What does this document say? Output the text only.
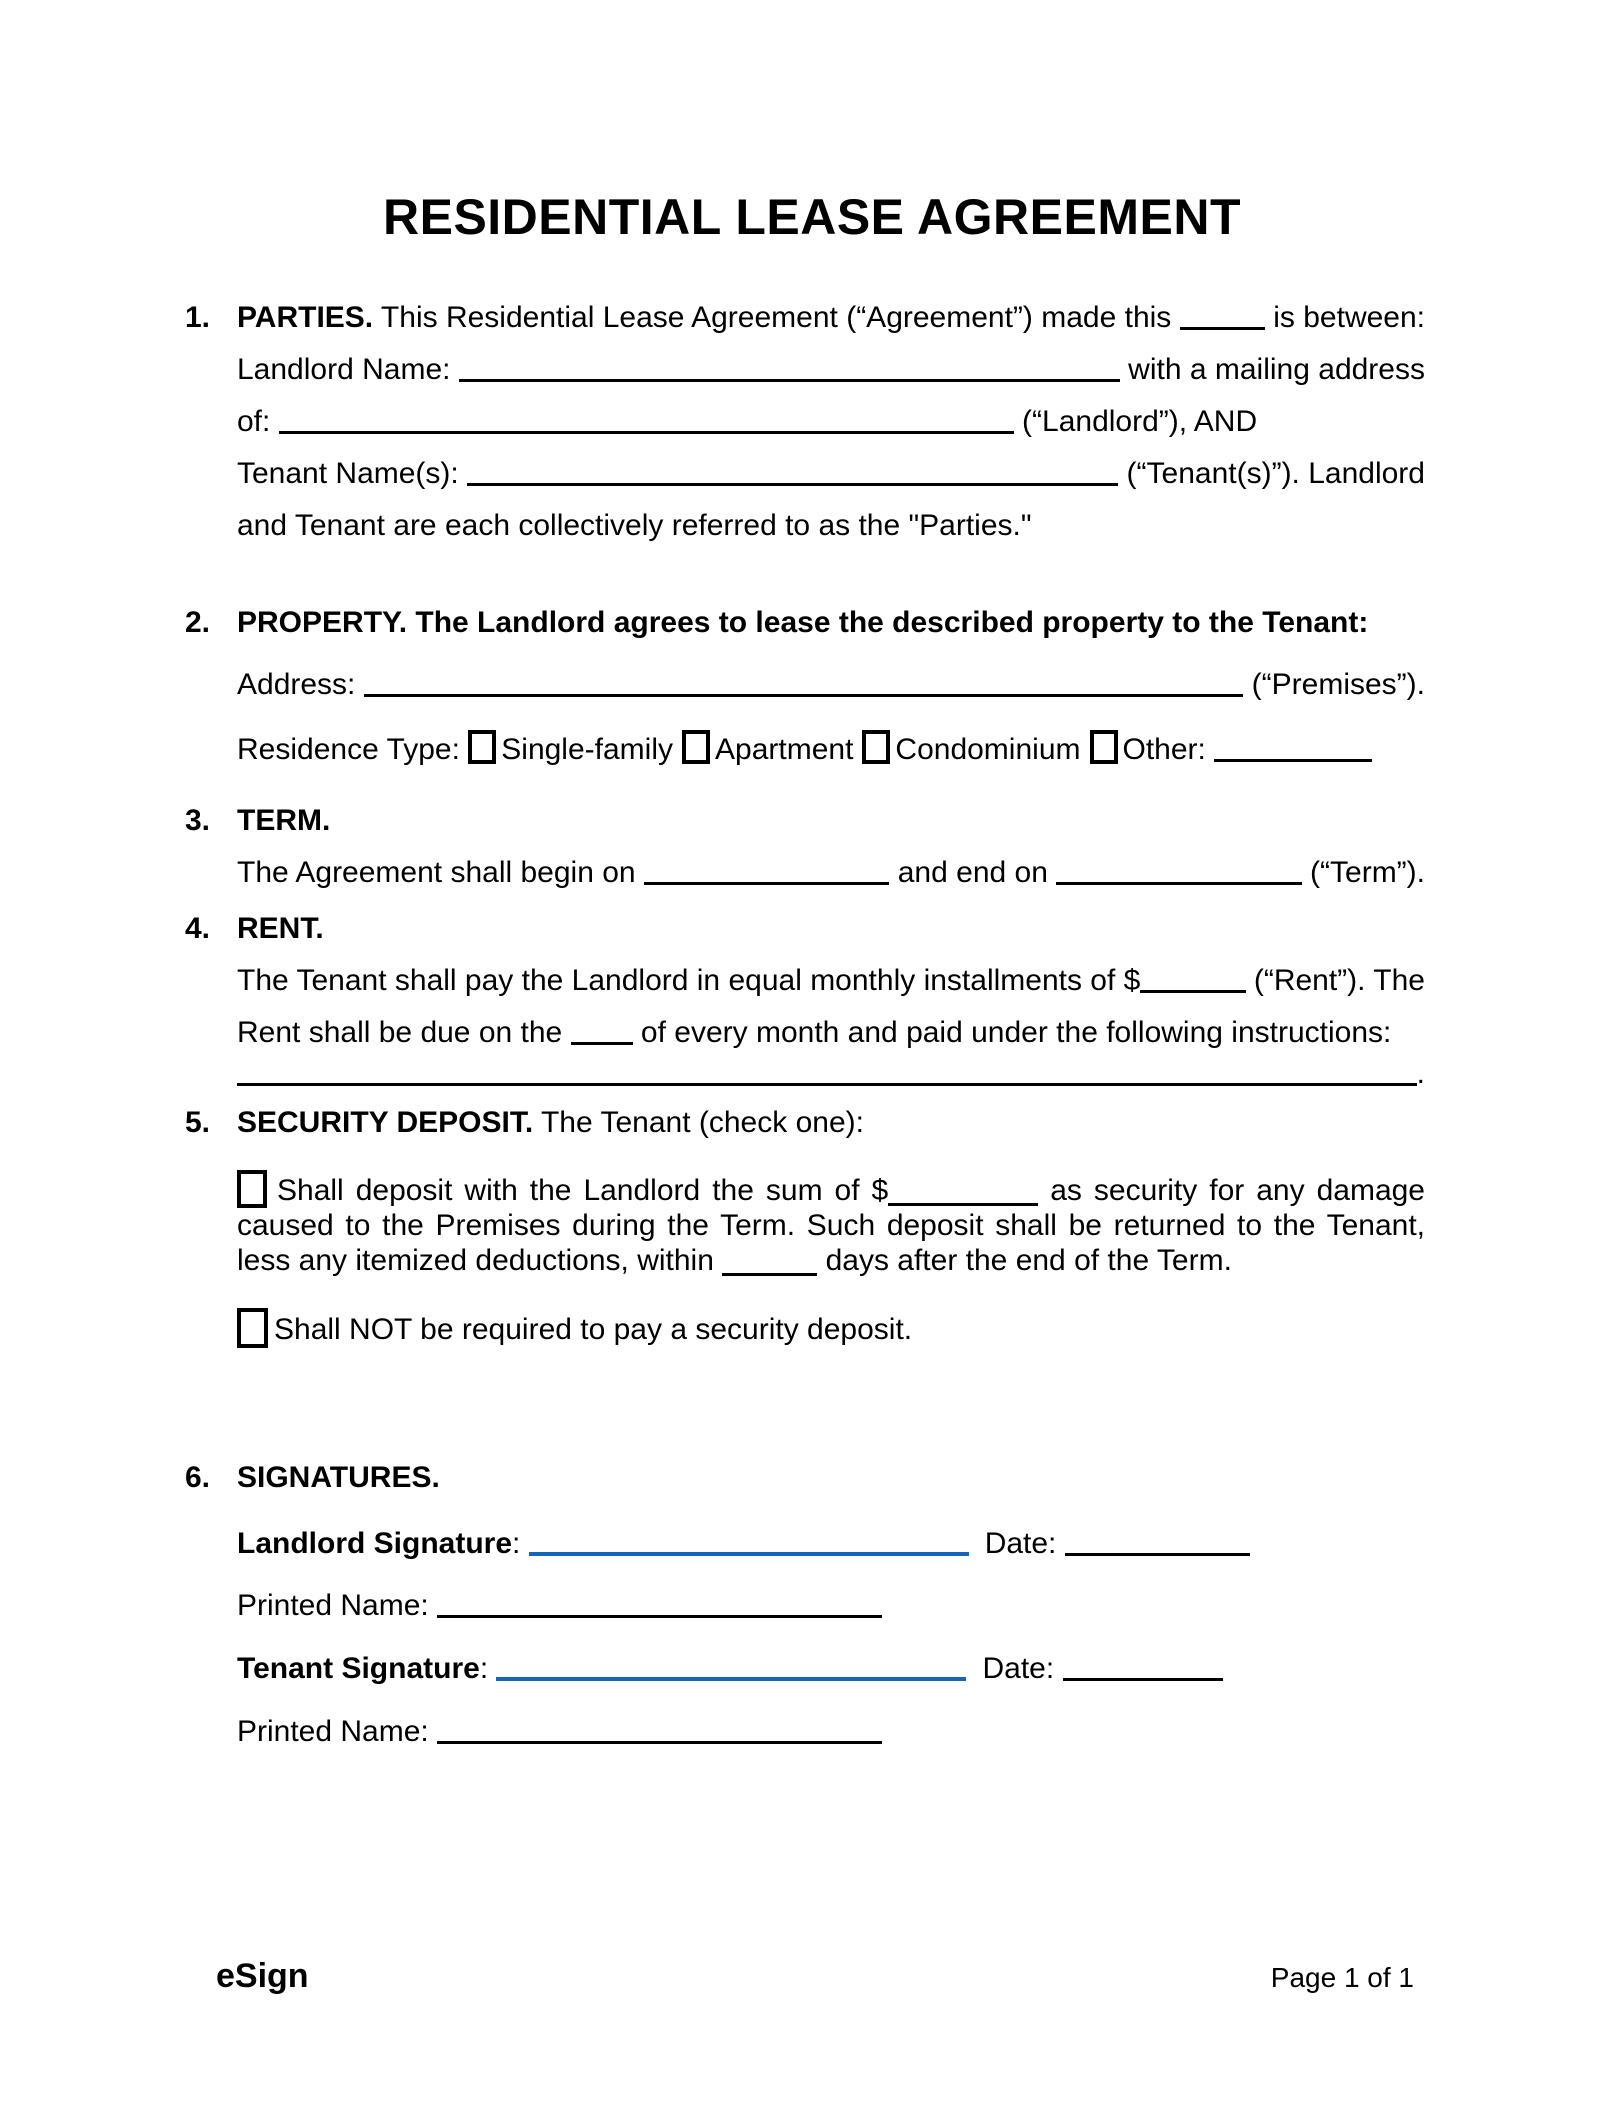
RESIDENTIAL LEASE AGREEMENT
1. PARTIES. This Residential Lease Agreement (“Agreement”) made this	is between:
Landlord Name:	with a mailing address
of:	(“Landlord”), AND
Tenant Name(s):	(“Tenant(s)”). Landlord
and Tenant are each collectively referred to as the "Parties."
2. PROPERTY. The Landlord agrees to lease the described property to the Tenant:
Address:	(“Premises”).
Residence Type: Single-family Apartment Condominium Other:
3. TERM.
The Agreement shall begin on	and end on	(“Term”).
4. RENT.
The Tenant shall pay the Landlord in equal monthly installments of $	(“Rent”). The
Rent shall be due on the of every month and paid under the following instructions:
.
5. SECURITY DEPOSIT. The Tenant (check one):
Shall deposit with the Landlord the sum of $	as security for any damage caused to the Premises during the Term. Such deposit shall be returned to the Tenant, less any itemized deductions, within	days after the end of the Term.
Shall NOT be required to pay a security deposit.
6. SIGNATURES.
Landlord Signature :	Date:
Printed Name:
Tenant Signature :	Date:
Printed Name:
eSign	Page 1 of 1
